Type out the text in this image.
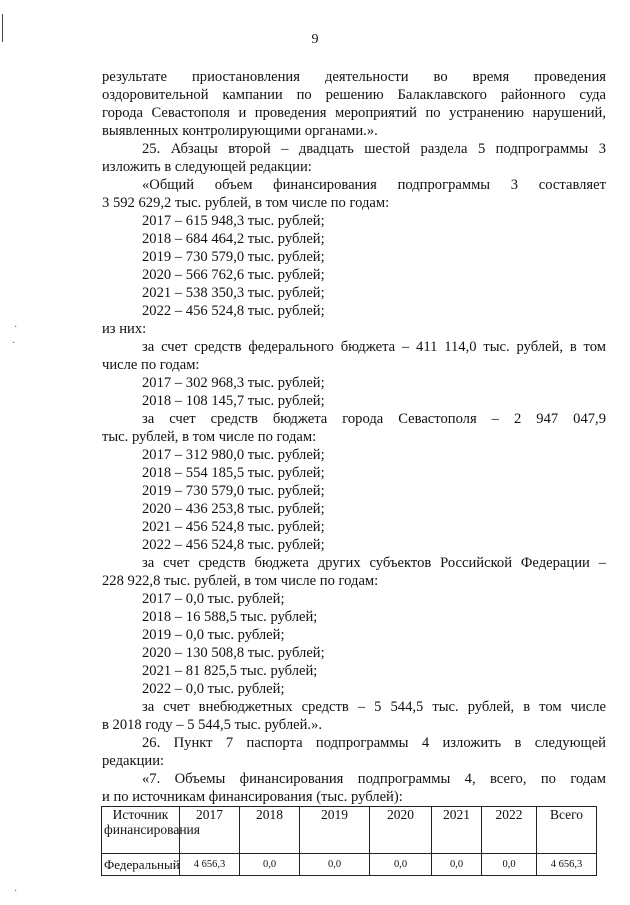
9
результате приостановления деятельности во время проведения
оздоровительной кампании по решению Балаклавского районного суда
города Севастополя и проведения мероприятий по устранению нарушений,
выявленных контролирующими органами.».
25. Абзацы второй – двадцать шестой раздела 5 подпрограммы 3
изложить в следующей редакции:
«Общий объем финансирования подпрограммы 3 составляет
3 592 629,2 тыс. рублей, в том числе по годам:
2017 – 615 948,3 тыс. рублей;
2018 – 684 464,2 тыс. рублей;
2019 – 730 579,0 тыс. рублей;
2020 – 566 762,6 тыс. рублей;
2021 – 538 350,3 тыс. рублей;
2022 – 456 524,8 тыс. рублей;
из них:
за счет средств федерального бюджета – 411 114,0 тыс. рублей, в том
числе по годам:
2017 – 302 968,3 тыс. рублей;
2018 – 108 145,7 тыс. рублей;
за счет средств бюджета города Севастополя – 2 947 047,9
тыс. рублей, в том числе по годам:
2017 – 312 980,0 тыс. рублей;
2018 – 554 185,5 тыс. рублей;
2019 – 730 579,0 тыс. рублей;
2020 – 436 253,8 тыс. рублей;
2021 – 456 524,8 тыс. рублей;
2022 – 456 524,8 тыс. рублей;
за счет средств бюджета других субъектов Российской Федерации –
228 922,8 тыс. рублей, в том числе по годам:
2017 – 0,0 тыс. рублей;
2018 – 16 588,5 тыс. рублей;
2019 – 0,0 тыс. рублей;
2020 – 130 508,8 тыс. рублей;
2021 – 81 825,5 тыс. рублей;
2022 – 0,0 тыс. рублей;
за счет внебюджетных средств – 5 544,5 тыс. рублей, в том числе
в 2018 году – 5 544,5 тыс. рублей.».
26. Пункт 7 паспорта подпрограммы 4 изложить в следующей
редакции:
«7. Объемы финансирования подпрограммы 4, всего, по годам
и по источникам финансирования (тыс. рублей):
Источник финансирования	2017	2018	2019	2020	2021	2022	Всего
Федеральный	4 656,3	0,0	0,0	0,0	0,0	0,0	4 656,3
·
·
·
